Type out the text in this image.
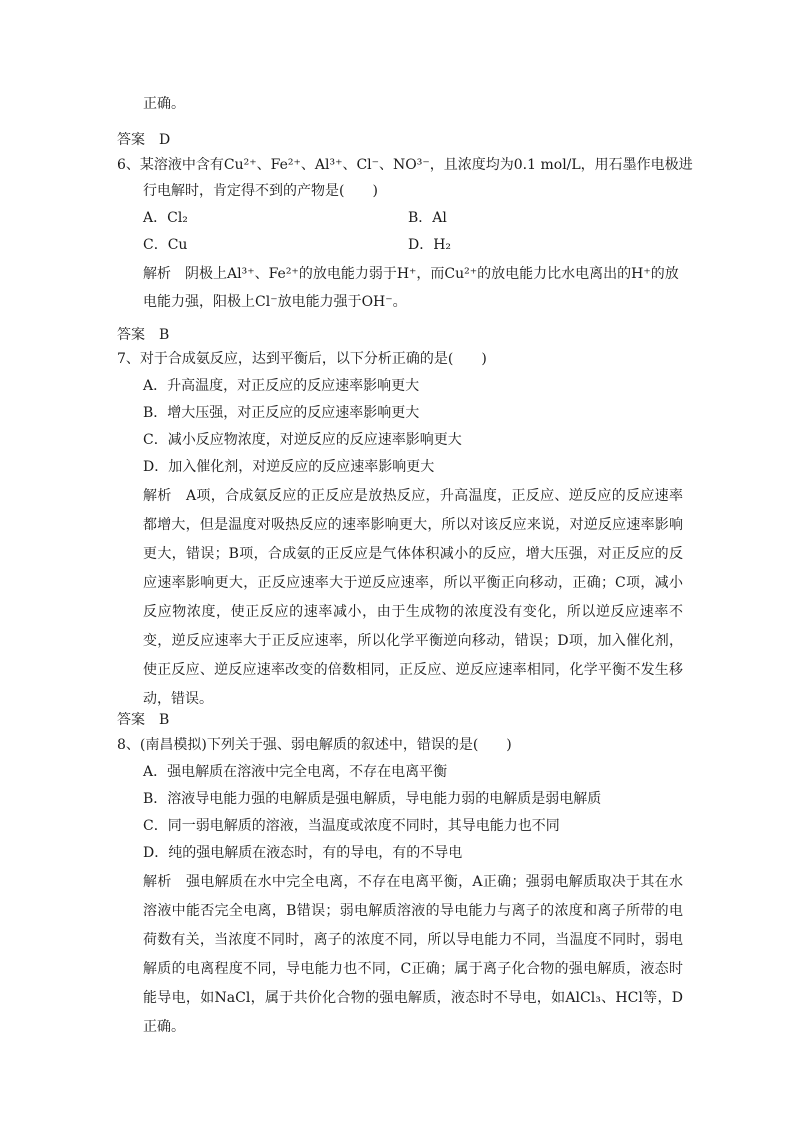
正确。
答案　D
6、某溶液中含有Cu²⁺、Fe²⁺、Al³⁺、Cl⁻、NO³⁻，且浓度均为0.1 mol/L，用石墨作电极进
行电解时，肯定得不到的产物是(　　)
A．Cl₂	B．Al
C．Cu	D．H₂
解析　阴极上Al³⁺、Fe²⁺的放电能力弱于H⁺，而Cu²⁺的放电能力比水电离出的H⁺的放
电能力强，阳极上Cl⁻放电能力强于OH⁻。
答案　B
7、对于合成氨反应，达到平衡后，以下分析正确的是(　　)
A．升高温度，对正反应的反应速率影响更大
B．增大压强，对正反应的反应速率影响更大
C．减小反应物浓度，对逆反应的反应速率影响更大
D．加入催化剂，对逆反应的反应速率影响更大
解析　A项，合成氨反应的正反应是放热反应，升高温度，正反应、逆反应的反应速率都增大，但是温度对吸热反应的速率影响更大，所以对该反应来说，对逆反应速率影响更大，错误；B项，合成氨的正反应是气体体积减小的反应，增大压强，对正反应的反应速率影响更大，正反应速率大于逆反应速率，所以平衡正向移动，正确；C项，减小反应物浓度，使正反应的速率减小，由于生成物的浓度没有变化，所以逆反应速率不变，逆反应速率大于正反应速率，所以化学平衡逆向移动，错误；D项，加入催化剂，使正反应、逆反应速率改变的倍数相同，正反应、逆反应速率相同，化学平衡不发生移动，错误。
答案　B
8、(南昌模拟)下列关于强、弱电解质的叙述中，错误的是(　　)
A．强电解质在溶液中完全电离，不存在电离平衡
B．溶液导电能力强的电解质是强电解质，导电能力弱的电解质是弱电解质
C．同一弱电解质的溶液，当温度或浓度不同时，其导电能力也不同
D．纯的强电解质在液态时，有的导电，有的不导电
解析　强电解质在水中完全电离，不存在电离平衡，A正确；强弱电解质取决于其在水溶液中能否完全电离，B错误；弱电解质溶液的导电能力与离子的浓度和离子所带的电荷数有关，当浓度不同时，离子的浓度不同，所以导电能力不同，当温度不同时，弱电解质的电离程度不同，导电能力也不同，C正确；属于离子化合物的强电解质，液态时能导电，如NaCl，属于共价化合物的强电解质，液态时不导电，如AlCl₃、HCl等，D正确。
